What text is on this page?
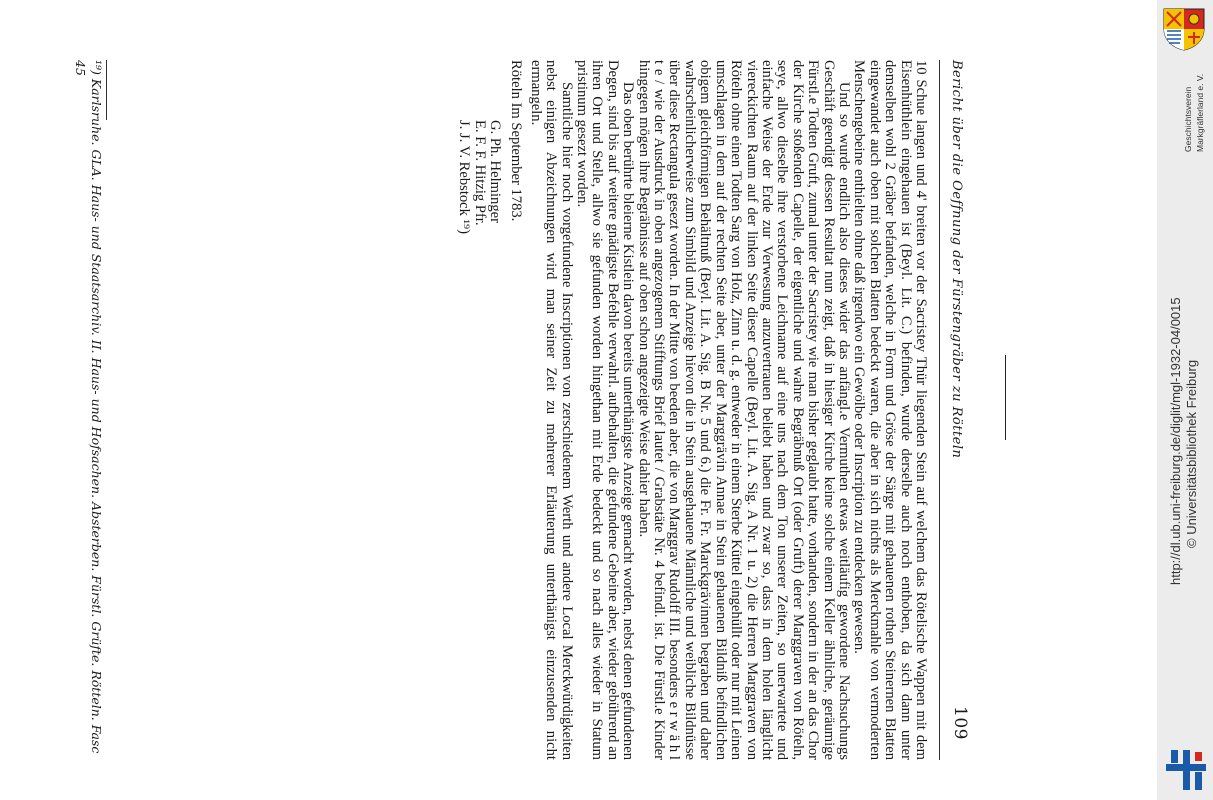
Bericht über die Oeffnung der Fürstengräber zu Rötteln
109

10 Schue langen und 4' breiten vor der Sacristey Thür liegenden Stein auf welchem das Rötelische Wappen mit dem Eisenhüthlein eingehauen ist (Beyl. Lit. C.) befinden, wurde derselbe auch noch enthoben, da sich dann unter demselben wohl 2 Gräber befanden, welche in Form und Gröse der Särge mit gehauenen rothen Steinernen Blatten eingewandet auch oben mit solchen Blatten bedeckt waren, die aber in sich nichts als Merckmahle von vermoderten Menschengebeine enthielten ohne daß irgendwo ein Gewölbe oder Inscription zu entdecken gewesen.

Und so wurde endlich also dieses wider das anfängl.e Vermuthen etwas weitläufig gewordene Nachsuchungs Geschäft geendigt dessen Resultat nun zeigt, daß in hiesiger Kirche keine solche einem Keller ähnliche, geräumige Fürstl.e Todten Gruft, zumal unter der Sacristey wie man bisher geglaubt hatte, vorhanden, sondern in der an das Chor der Kirche stoßenden Capelle, der eigentliche und wahre Begräbnuß Ort (oder Gruft) derer Marggraven von Röteln, seye, allwo dieselbe ihre verstorbene Leichname auf eine uns nach dem Ton unserer Zeiten, so unerwartete und einfache Weise der Erde zur Verwesung anzuvertrauen beliebt haben und zwar so, dass in dem holen länglicht viereckichten Raum auf der linken Seite dieser Capelle (Beyl. Lit. A. Sig. A Nr. 1 u. 2) die Herren Marggraven von Röteln ohne einen Todten Sarg von Holz, Zinn u. d. g. entweder in einem Sterbe Küttel eingehüllt oder nur mit Leinen umschlagen in dem auf der rechten Seite aber, unter der Marggrävin Annae in Stein gehauenen Bildniß befindlichen obigem gleichförmigen Behältnuß (Beyl. Lit. A. Sig. B Nr. 5 und 6.) die Fr. Fr. Marckgrävinnen begraben und daher wahrscheinlicherweise zum Simbild und Anzeige hievon die in Stein ausgehauene Männliche und weibliche Bildnüsse über diese Rectangula gesezt worden. In der Mitte von beeden aber, die von Marggrav Rudolff III. besonders e r w ä h l t e / wie der Ausdruck in oben angezogenem Stifftungs Brief lautet / Grabstäte Nr. 4 befindl. ist. Die Fürstl.e Kinder hingegen mögen ihre Begräbnisse auf oben schon angezeigte Weise dahier haben.

Das oben berührte bleierne Kistlein davon bereits unterthänigste Anzeige gemacht worden, nebst denen gefundenen Degen, sind bis auf weitere gnädigste Befehle verwahrl. aufbehalten, die gefundene Gebeine aber, wieder gebührend an ihren Ort und Stelle, allwo sie gefunden worden hingethan mit Erde bedeckt und so nach alles wieder in Statum pristinum gesezt worden.

Samtliche hier noch vorgefundene Inscriptionen von zerschiedenem Werth und andere Local Merckwürdigkeiten nebst einigen Abzeichnungen wird man seiner Zeit zu mehrerer Erläuterung unterthänigst einzusenden nicht ermangeln.

Röteln Im September 1783.

G. Ph. Helminger
E. F. F. Hitzig Pfr.
J. J. V. Rebstock ¹⁹)
¹⁹) Karlsruhe. GLA. Haus- und Staatsarchiv. II. Haus- und Hofsachen. Absterben. Fürstl. Grüfte. Rötteln. Fasc 45
Geschichtsverein Markgräflerland e. V.
http://dl.ub.uni-freiburg.de/diglit/mgl-1932-04/0015 © Universitätsbibliothek Freiburg
